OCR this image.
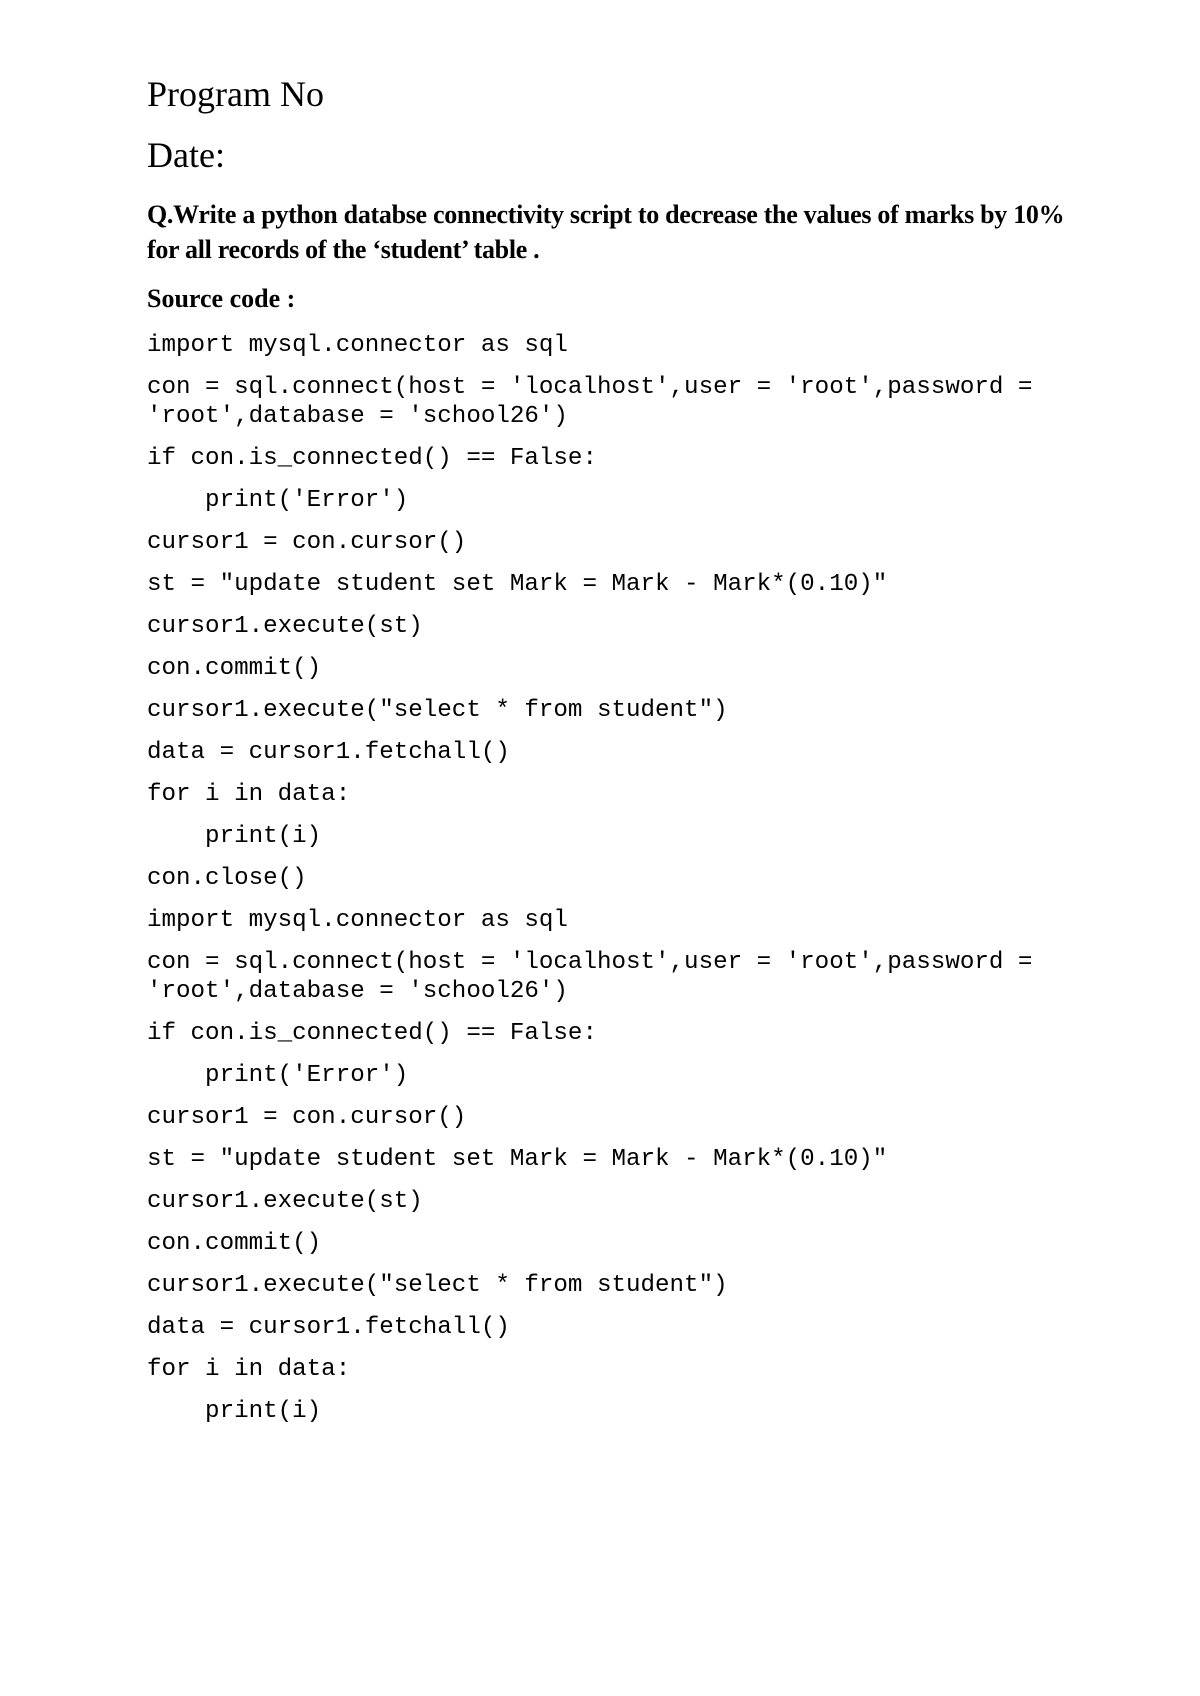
Program No

Date:

Q.Write a python databse connectivity script to decrease the values of marks by 10% for all records of the ‘student’ table .

Source code :

import mysql.connector as sql

con = sql.connect(host = 'localhost',user = 'root',password =
'root',database = 'school26')

if con.is_connected() == False:

print('Error')

cursor1 = con.cursor()

st = "update student set Mark = Mark - Mark*(0.10)"

cursor1.execute(st)

con.commit()

cursor1.execute("select * from student")

data = cursor1.fetchall()

for i in data:

print(i)

con.close()

import mysql.connector as sql

con = sql.connect(host = 'localhost',user = 'root',password =
'root',database = 'school26')

if con.is_connected() == False:

print('Error')

cursor1 = con.cursor()

st = "update student set Mark = Mark - Mark*(0.10)"

cursor1.execute(st)

con.commit()

cursor1.execute("select * from student")

data = cursor1.fetchall()

for i in data:

print(i)
